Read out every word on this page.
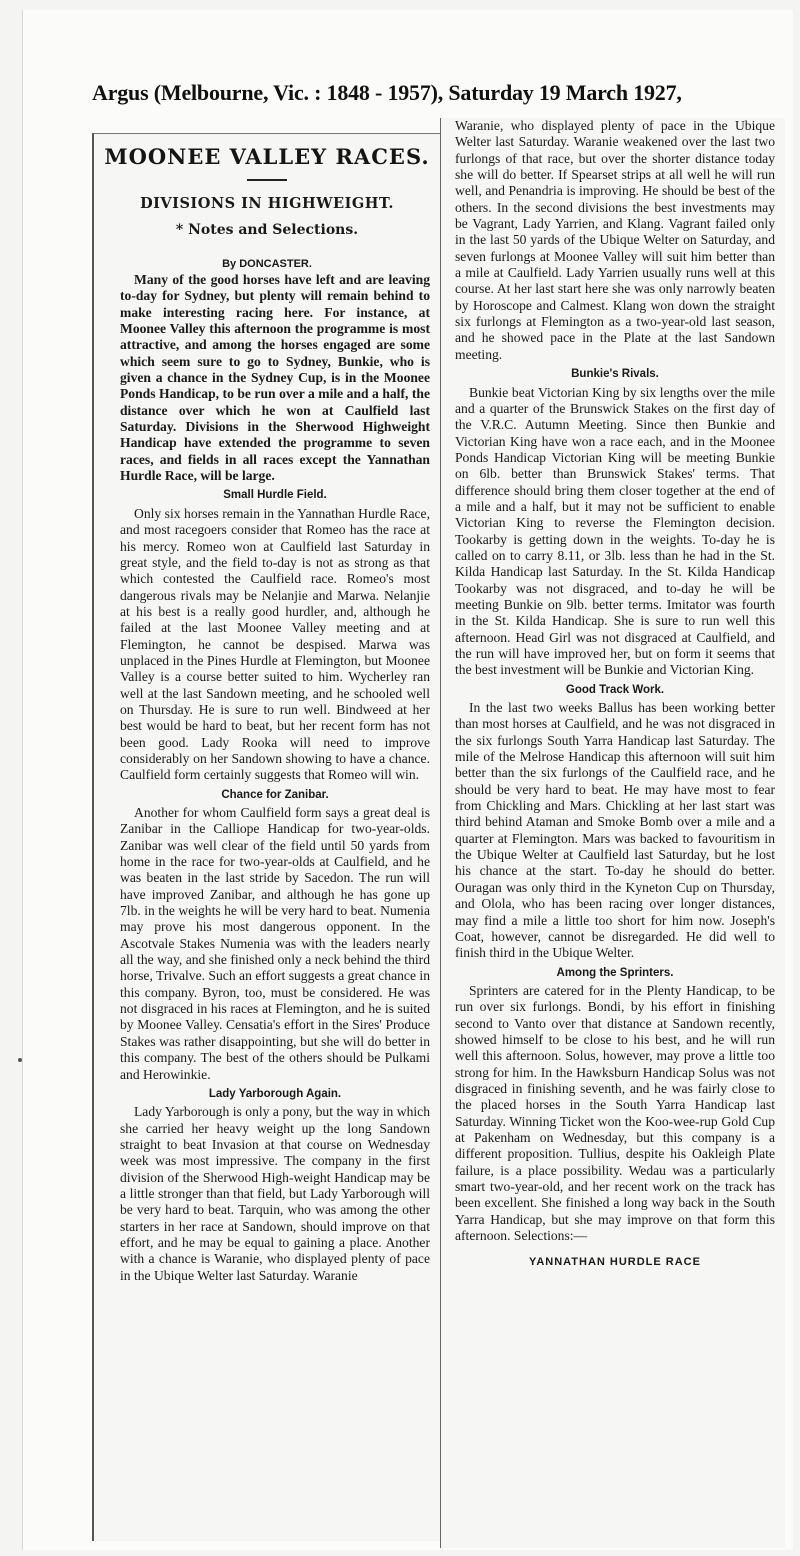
Argus (Melbourne, Vic. : 1848 - 1957), Saturday 19 March 1927,
MOONEE VALLEY RACES.
DIVISIONS IN HIGHWEIGHT.
* Notes and Selections.
By DONCASTER.

Many of the good horses have left and are leaving to-day for Sydney, but plenty will remain behind to make interesting racing here. For instance, at Moonee Valley this afternoon the programme is most attractive, and among the horses engaged are some which seem sure to go to Sydney, Bunkie, who is given a chance in the Sydney Cup, is in the Moonee Ponds Handicap, to be run over a mile and a half, the distance over which he won at Caulfield last Saturday. Divisions in the Sherwood Highweight Handicap have extended the programme to seven races, and fields in all races except the Yannathan Hurdle Race, will be large.

Small Hurdle Field.

Only six horses remain in the Yannathan Hurdle Race, and most racegoers consider that Romeo has the race at his mercy. Romeo won at Caulfield last Saturday in great style, and the field to-day is not as strong as that which contested the Caulfield race. Romeo's most dangerous rivals may be Nelanjie and Marwa. Nelanjie at his best is a really good hurdler, and, although he failed at the last Moonee Valley meeting and at Flemington, he cannot be despised. Marwa was unplaced in the Pines Hurdle at Flemington, but Moonee Valley is a course better suited to him. Wycherley ran well at the last Sandown meeting, and he schooled well on Thursday. He is sure to run well. Bindweed at her best would be hard to beat, but her recent form has not been good. Lady Rooka will need to improve considerably on her Sandown showing to have a chance. Caulfield form certainly suggests that Romeo will win.

Chance for Zanibar.

Another for whom Caulfield form says a great deal is Zanibar in the Calliope Handicap for two-year-olds. Zanibar was well clear of the field until 50 yards from home in the race for two-year-olds at Caulfield, and he was beaten in the last stride by Sacedon. The run will have improved Zanibar, and although he has gone up 7lb. in the weights he will be very hard to beat. Numenia may prove his most dangerous opponent. In the Ascotvale Stakes Numenia was with the leaders nearly all the way, and she finished only a neck behind the third horse, Trivalve. Such an effort suggests a great chance in this company. Byron, too, must be considered. He was not disgraced in his races at Flemington, and he is suited by Moonee Valley. Censatia's effort in the Sires' Produce Stakes was rather disappointing, but she will do better in this company. The best of the others should be Pulkami and Herowinkie.

Lady Yarborough Again.

Lady Yarborough is only a pony, but the way in which she carried her heavy weight up the long Sandown straight to beat Invasion at that course on Wednesday week was most impressive. The company in the first division of the Sherwood High-weight Handicap may be a little stronger than that field, but Lady Yarborough will be very hard to beat. Tarquin, who was among the other starters in her race at Sandown, should improve on that effort, and he may be equal to gaining a place. Another with a chance is Waranie, who displayed plenty of pace in the Ubique Welter last Saturday. Waranie

Waranie, who displayed plenty of pace in the Ubique Welter last Saturday. Waranie weakened over the last two furlongs of that race, but over the shorter distance today she will do better. If Spearset strips at all well he will run well, and Penandria is improving. He should be best of the others. In the second divisions the best investments may be Vagrant, Lady Yarrien, and Klang. Vagrant failed only in the last 50 yards of the Ubique Welter on Saturday, and seven furlongs at Moonee Valley will suit him better than a mile at Caulfield. Lady Yarrien usually runs well at this course. At her last start here she was only narrowly beaten by Horoscope and Calmest. Klang won down the straight six furlongs at Flemington as a two-year-old last season, and he showed pace in the Plate at the last Sandown meeting.

Bunkie's Rivals.

Bunkie beat Victorian King by six lengths over the mile and a quarter of the Brunswick Stakes on the first day of the V.R.C. Autumn Meeting. Since then Bunkie and Victorian King have won a race each, and in the Moonee Ponds Handicap Victorian King will be meeting Bunkie on 6lb. better than Brunswick Stakes' terms. That difference should bring them closer together at the end of a mile and a half, but it may not be sufficient to enable Victorian King to reverse the Flemington decision. Tookarby is getting down in the weights. To-day he is called on to carry 8.11, or 3lb. less than he had in the St. Kilda Handicap last Saturday. In the St. Kilda Handicap Tookarby was not disgraced, and to-day he will be meeting Bunkie on 9lb. better terms. Imitator was fourth in the St. Kilda Handicap. She is sure to run well this afternoon. Head Girl was not disgraced at Caulfield, and the run will have improved her, but on form it seems that the best investment will be Bunkie and Victorian King.

Good Track Work.

In the last two weeks Ballus has been working better than most horses at Caulfield, and he was not disgraced in the six furlongs South Yarra Handicap last Saturday. The mile of the Melrose Handicap this afternoon will suit him better than the six furlongs of the Caulfield race, and he should be very hard to beat. He may have most to fear from Chickling and Mars. Chickling at her last start was third behind Ataman and Smoke Bomb over a mile and a quarter at Flemington. Mars was backed to favouritism in the Ubique Welter at Caulfield last Saturday, but he lost his chance at the start. To-day he should do better. Ouragan was only third in the Kyneton Cup on Thursday, and Olola, who has been racing over longer distances, may find a mile a little too short for him now. Joseph's Coat, however, cannot be disregarded. He did well to finish third in the Ubique Welter.

Among the Sprinters.

Sprinters are catered for in the Plenty Handicap, to be run over six furlongs. Bondi, by his effort in finishing second to Vanto over that distance at Sandown recently, showed himself to be close to his best, and he will run well this afternoon. Solus, however, may prove a little too strong for him. In the Hawksburn Handicap Solus was not disgraced in finishing seventh, and he was fairly close to the placed horses in the South Yarra Handicap last Saturday. Winning Ticket won the Koo-wee-rup Gold Cup at Pakenham on Wednesday, but this company is a different proposition. Tullius, despite his Oakleigh Plate failure, is a place possibility. Wedau was a particularly smart two-year-old, and her recent work on the track has been excellent. She finished a long way back in the South Yarra Handicap, but she may improve on that form this afternoon. Selections:—

YANNATHAN HURDLE RACE
